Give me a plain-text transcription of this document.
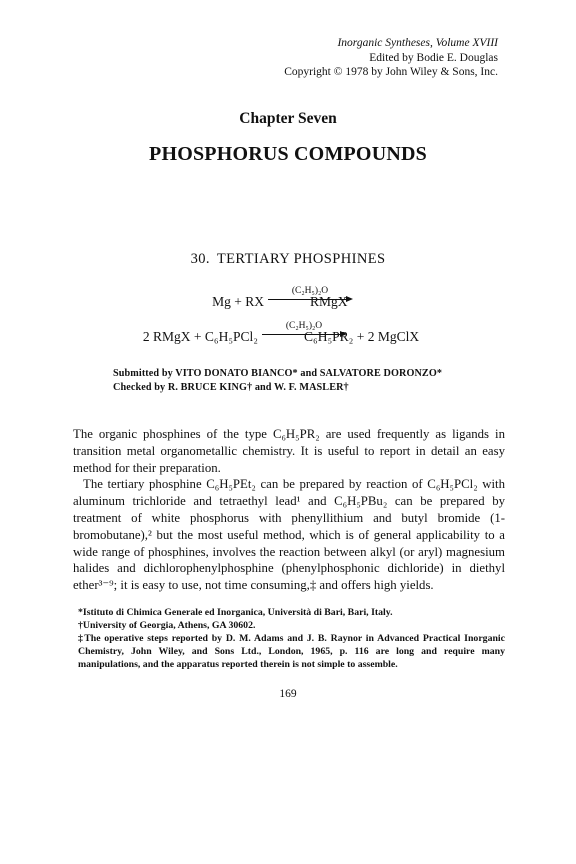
Inorganic Syntheses, Volume XVIII
Edited by Bodie E. Douglas
Copyright © 1978 by John Wiley & Sons, Inc.
Chapter Seven
PHOSPHORUS COMPOUNDS
30. TERTIARY PHOSPHINES
Mg + RX
(C₂H₅)₂O
RMgX
2 RMgX + C₆H₅PCl₂
(C₂H₅)₂O
C₆H₅PR₂ + 2 MgClX
Submitted by VITO DONATO BIANCO* and SALVATORE DORONZO*
Checked by R. BRUCE KING† and W. F. MASLER†

The organic phosphines of the type C₆H₅PR₂ are used frequently as ligands in transition metal organometallic chemistry. It is useful to report in detail an easy method for their preparation.

The tertiary phosphine C₆H₅PEt₂ can be prepared by reaction of C₆H₅PCl₂ with aluminum trichloride and tetraethyl lead¹ and C₆H₅PBu₂ can be prepared by treatment of white phosphorus with phenyllithium and butyl bromide (1-bromobutane),² but the most useful method, which is of general applicability to a wide range of phosphines, involves the reaction between alkyl (or aryl) magnesium halides and dichlorophenylphosphine (phenylphosphonic dichloride) in diethyl ether³⁻⁹; it is easy to use, not time consuming,‡ and offers high yields.

*Istituto di Chimica Generale ed Inorganica, Università di Bari, Bari, Italy.

†University of Georgia, Athens, GA 30602.

‡The operative steps reported by D. M. Adams and J. B. Raynor in Advanced Practical Inorganic Chemistry, John Wiley, and Sons Ltd., London, 1965, p. 116 are long and require many manipulations, and the apparatus reported therein is not simple to assemble.

169
